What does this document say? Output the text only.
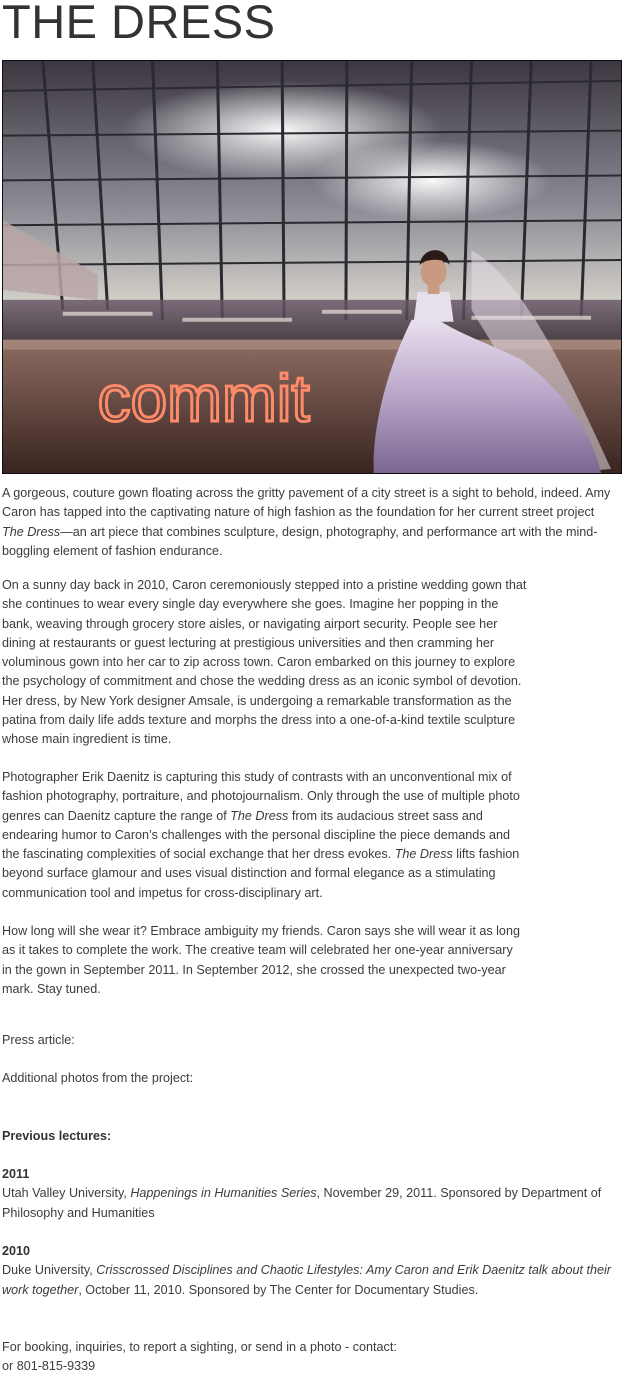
THE DRESS
commit

A gorgeous, couture gown floating across the gritty pavement of a city street is a sight to behold, indeed. Amy Caron has tapped into the captivating nature of high fashion as the foundation for her current street project The Dress—an art piece that combines sculpture, design, photography, and performance art with the mind-boggling element of fashion endurance.

On a sunny day back in 2010, Caron ceremoniously stepped into a pristine wedding gown that
she continues to wear every single day everywhere she goes. Imagine her popping in the
bank, weaving through grocery store aisles, or navigating airport security. People see her
dining at restaurants or guest lecturing at prestigious universities and then cramming her
voluminous gown into her car to zip across town. Caron embarked on this journey to explore
the psychology of commitment and chose the wedding dress as an iconic symbol of devotion.
Her dress, by New York designer Amsale, is undergoing a remarkable transformation as the
patina from daily life adds texture and morphs the dress into a one-of-a-kind textile sculpture
whose main ingredient is time.

Photographer Erik Daenitz is capturing this study of contrasts with an unconventional mix of
fashion photography, portraiture, and photojournalism. Only through the use of multiple photo
genres can Daenitz capture the range of The Dress from its audacious street sass and
endearing humor to Caron’s challenges with the personal discipline the piece demands and
the fascinating complexities of social exchange that her dress evokes. The Dress lifts fashion
beyond surface glamour and uses visual distinction and formal elegance as a stimulating
communication tool and impetus for cross-disciplinary art.

How long will she wear it? Embrace ambiguity my friends. Caron says she will wear it as long
as it takes to complete the work. The creative team will celebrated her one-year anniversary
in the gown in September 2011. In September 2012, she crossed the unexpected two-year
mark. Stay tuned.

Press article:

Additional photos from the project:

Previous lectures:

2011
Utah Valley University, Happenings in Humanities Series, November 29, 2011. Sponsored by Department of Philosophy and Humanities

2010
Duke University, Crisscrossed Disciplines and Chaotic Lifestyles: Amy Caron and Erik Daenitz talk about their work together, October 11, 2010. Sponsored by The Center for Documentary Studies.

For booking, inquiries, to report a sighting, or send in a photo - contact:
or 801-815-9339
